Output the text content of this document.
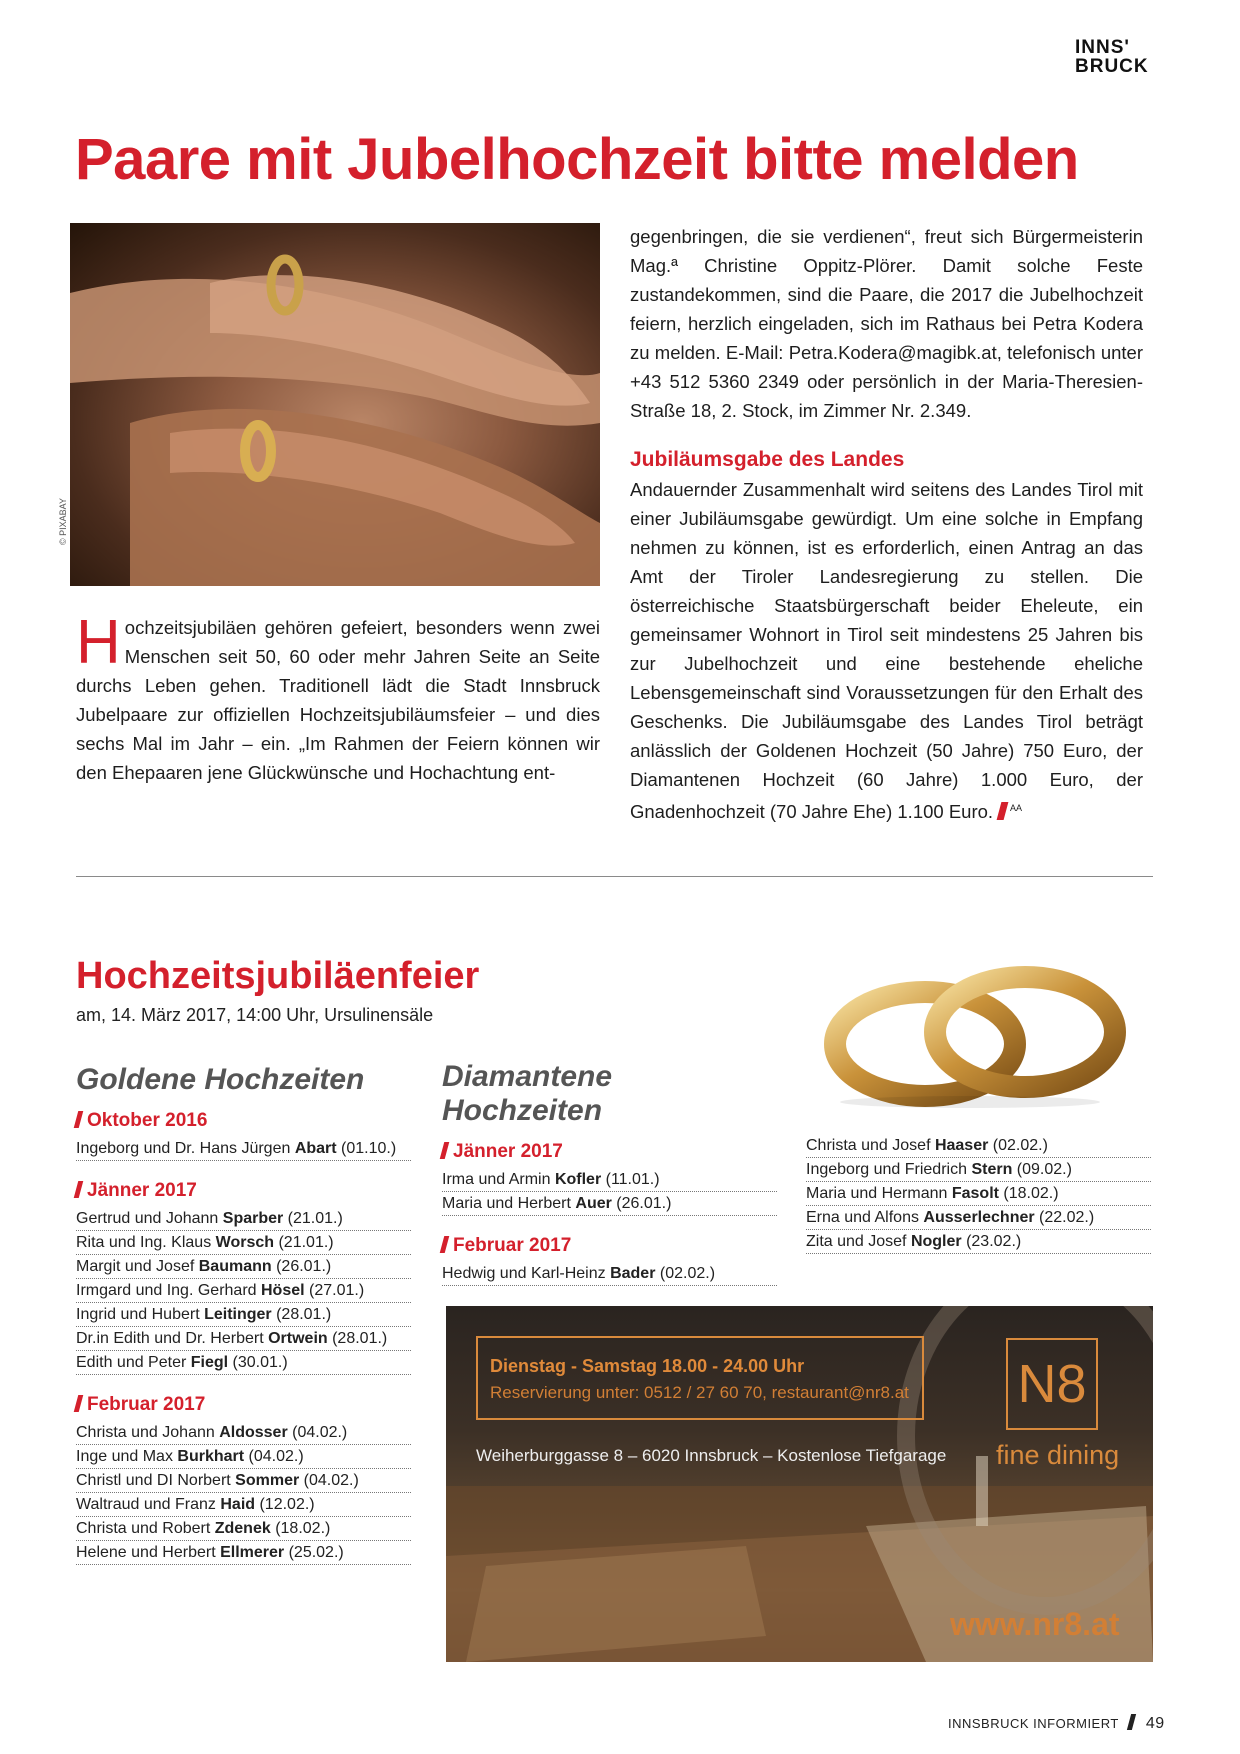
INNS'
BRUCK
Paare mit Jubelhochzeit bitte melden
© PIXABAY
H ochzeitsjubiläen gehören gefeiert, besonders wenn zwei Menschen seit 50, 60 oder mehr Jahren Seite an Seite durchs Leben gehen. Traditionell lädt die Stadt Innsbruck Jubelpaare zur offiziellen Hochzeitsjubiläumsfeier – und dies sechs Mal im Jahr – ein. „Im Rahmen der Feiern können wir den Ehepaaren jene Glückwünsche und Hochachtung ent-
gegenbringen, die sie verdienen“, freut sich Bürgermeisterin Mag.ª Christine Oppitz-Plörer. Damit solche Feste zustandekommen, sind die Paare, die 2017 die Jubelhochzeit feiern, herzlich eingeladen, sich im Rathaus bei Petra Kodera zu melden. E-Mail: Petra.Kodera@magibk.at, telefonisch unter +43 512 5360 2349 oder persönlich in der Maria-Theresien-Straße 18, 2. Stock, im Zimmer Nr. 2.349.
Jubiläumsgabe des Landes
Andauernder Zusammenhalt wird seitens des Landes Tirol mit einer Jubiläumsgabe gewürdigt. Um eine solche in Empfang nehmen zu können, ist es erforderlich, einen Antrag an das Amt der Tiroler Landesregierung zu stellen. Die österreichische Staatsbürgerschaft beider Eheleute, ein gemeinsamer Wohnort in Tirol seit mindestens 25 Jahren bis zur Jubelhochzeit und eine bestehende eheliche Lebensgemeinschaft sind Voraussetzungen für den Erhalt des Geschenks. Die Jubiläumsgabe des Landes Tirol beträgt anlässlich der Goldenen Hochzeit (50 Jahre) 750 Euro, der Diamantenen Hochzeit (60 Jahre) 1.000 Euro, der Gnadenhochzeit (70 Jahre Ehe) 1.100 Euro. $^{AA}$
Hochzeitsjubiläenfeier
am, 14. März 2017, 14:00 Uhr, Ursulinensäle
Goldene Hochzeiten
Oktober 2016
Ingeborg und Dr. Hans Jürgen Abart (01.10.)
Jänner 2017
Gertrud und Johann Sparber (21.01.)
Rita und Ing. Klaus Worsch (21.01.)
Margit und Josef Baumann (26.01.)
Irmgard und Ing. Gerhard Hösel (27.01.)
Ingrid und Hubert Leitinger (28.01.)
Dr.in Edith und Dr. Herbert Ortwein (28.01.)
Edith und Peter Fiegl (30.01.)
Februar 2017
Christa und Johann Aldosser (04.02.)
Inge und Max Burkhart (04.02.)
Christl und DI Norbert Sommer (04.02.)
Waltraud und Franz Haid (12.02.)
Christa und Robert Zdenek (18.02.)
Helene und Herbert Ellmerer (25.02.)
Diamantene Hochzeiten
Jänner 2017
Irma und Armin Kofler (11.01.)
Maria und Herbert Auer (26.01.)
Februar 2017
Hedwig und Karl-Heinz Bader (02.02.)
Christa und Josef Haaser (02.02.)
Ingeborg und Friedrich Stern (09.02.)
Maria und Hermann Fasolt (18.02.)
Erna und Alfons Ausserlechner (22.02.)
Zita und Josef Nogler (23.02.)
Dienstag - Samstag 18.00 - 24.00 Uhr
Reservierung unter: 0512 / 27 60 70, restaurant@nr8.at
Weiherburggasse 8 – 6020 Innsbruck – Kostenlose Tiefgarage
N8
fine dining
www.nr8.at
INNSBRUCK INFORMIERT 49
